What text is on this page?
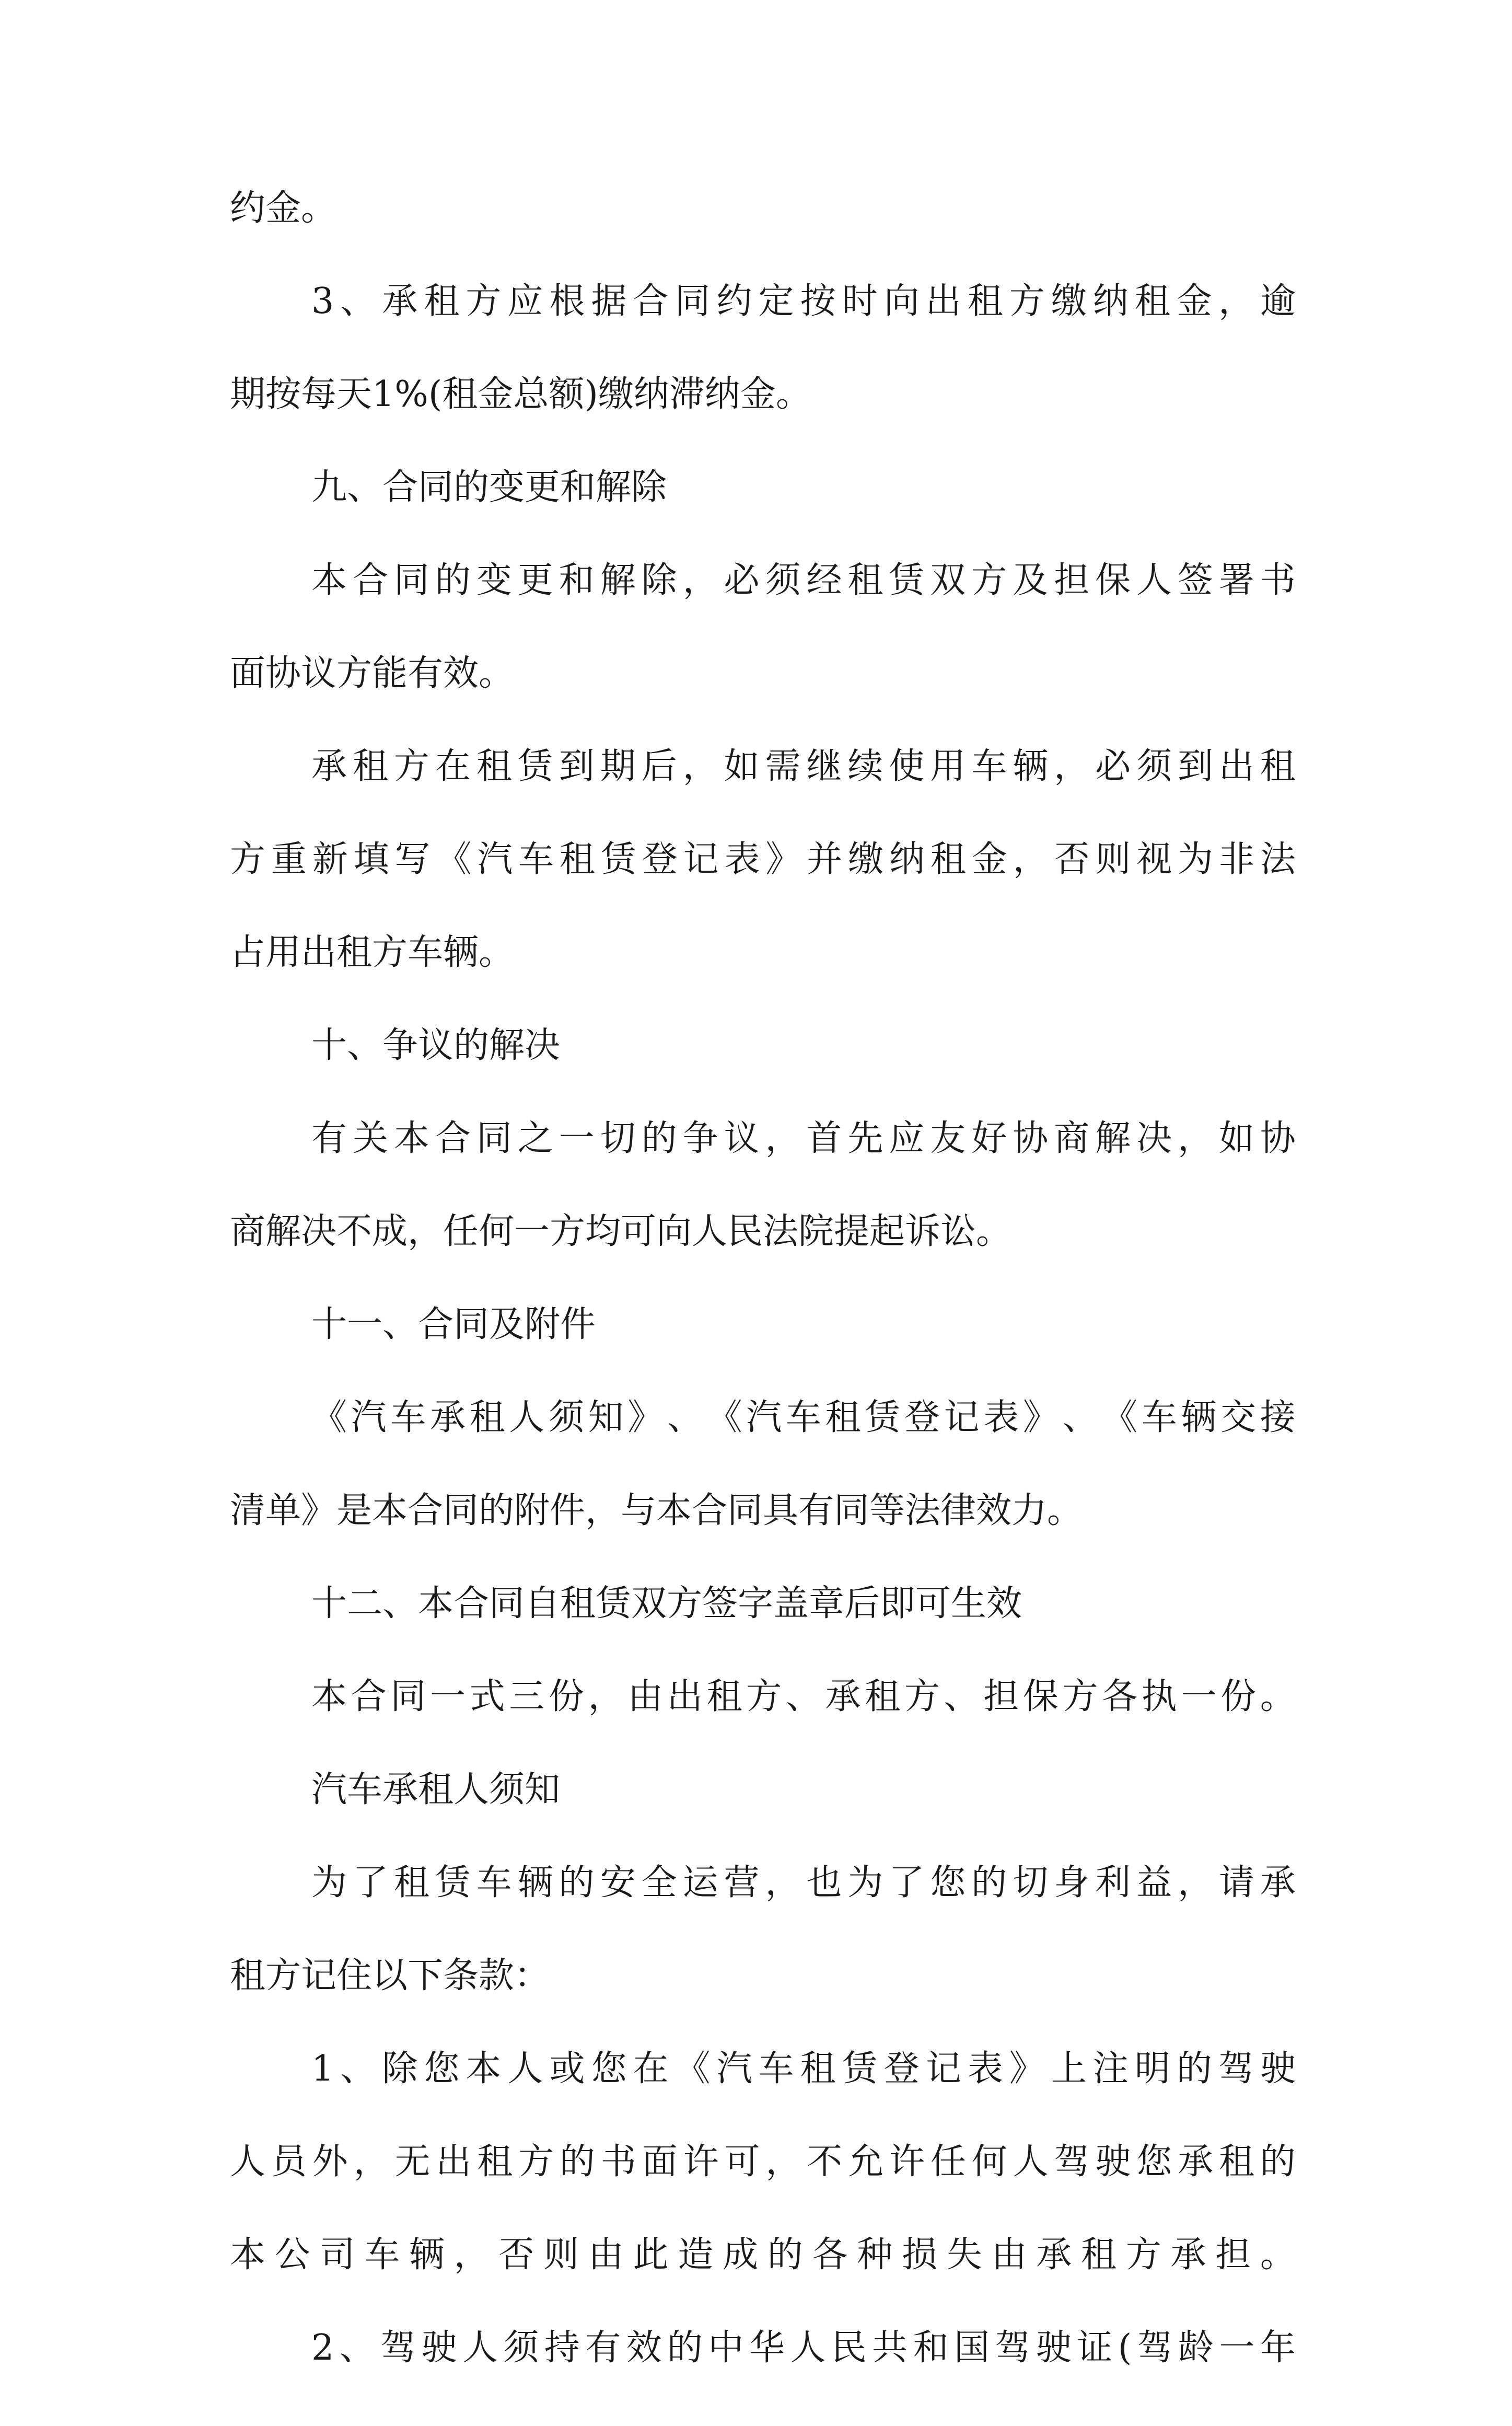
约金。
3 、 承 租 方 应 根 据 合 同 约 定 按 时 向 出 租 方 缴 纳 租 金 ， 逾
期按每天1%(租金总额)缴纳滞纳金。
九、合同的变更和解除
本 合 同 的 变 更 和 解 除 ， 必 须 经 租 赁 双 方 及 担 保 人 签 署 书
面协议方能有效。
承 租 方 在 租 赁 到 期 后 ， 如 需 继 续 使 用 车 辆 ， 必 须 到 出 租
方 重 新 填 写 《 汽 车 租 赁 登 记 表 》 并 缴 纳 租 金 ， 否 则 视 为 非 法
占用出租方车辆。
十、争议的解决
有 关 本 合 同 之 一 切 的 争 议 ， 首 先 应 友 好 协 商 解 决 ， 如 协
商解决不成，任何一方均可向人民法院提起诉讼。
十一、合同及附件
《 汽 车 承 租 人 须 知 》 、 《 汽 车 租 赁 登 记 表 》 、 《 车 辆 交 接
清单》是本合同的附件，与本合同具有同等法律效力。
十二、本合同自租赁双方签字盖章后即可生效
本 合 同 一 式 三 份 ， 由 出 租 方 、 承 租 方 、 担 保 方 各 执 一 份 。
汽车承租人须知
为 了 租 赁 车 辆 的 安 全 运 营 ， 也 为 了 您 的 切 身 利 益 ， 请 承
租方记住以下条款：
1 、 除 您 本 人 或 您 在 《 汽 车 租 赁 登 记 表 》 上 注 明 的 驾 驶
人 员 外 ， 无 出 租 方 的 书 面 许 可 ， 不 允 许 任 何 人 驾 驶 您 承 租 的
本 公 司 车 辆 ， 否 则 由 此 造 成 的 各 种 损 失 由 承 租 方 承 担 。
2 、 驾 驶 人 须 持 有 效 的 中 华 人 民 共 和 国 驾 驶 证 ( 驾 龄 一 年
